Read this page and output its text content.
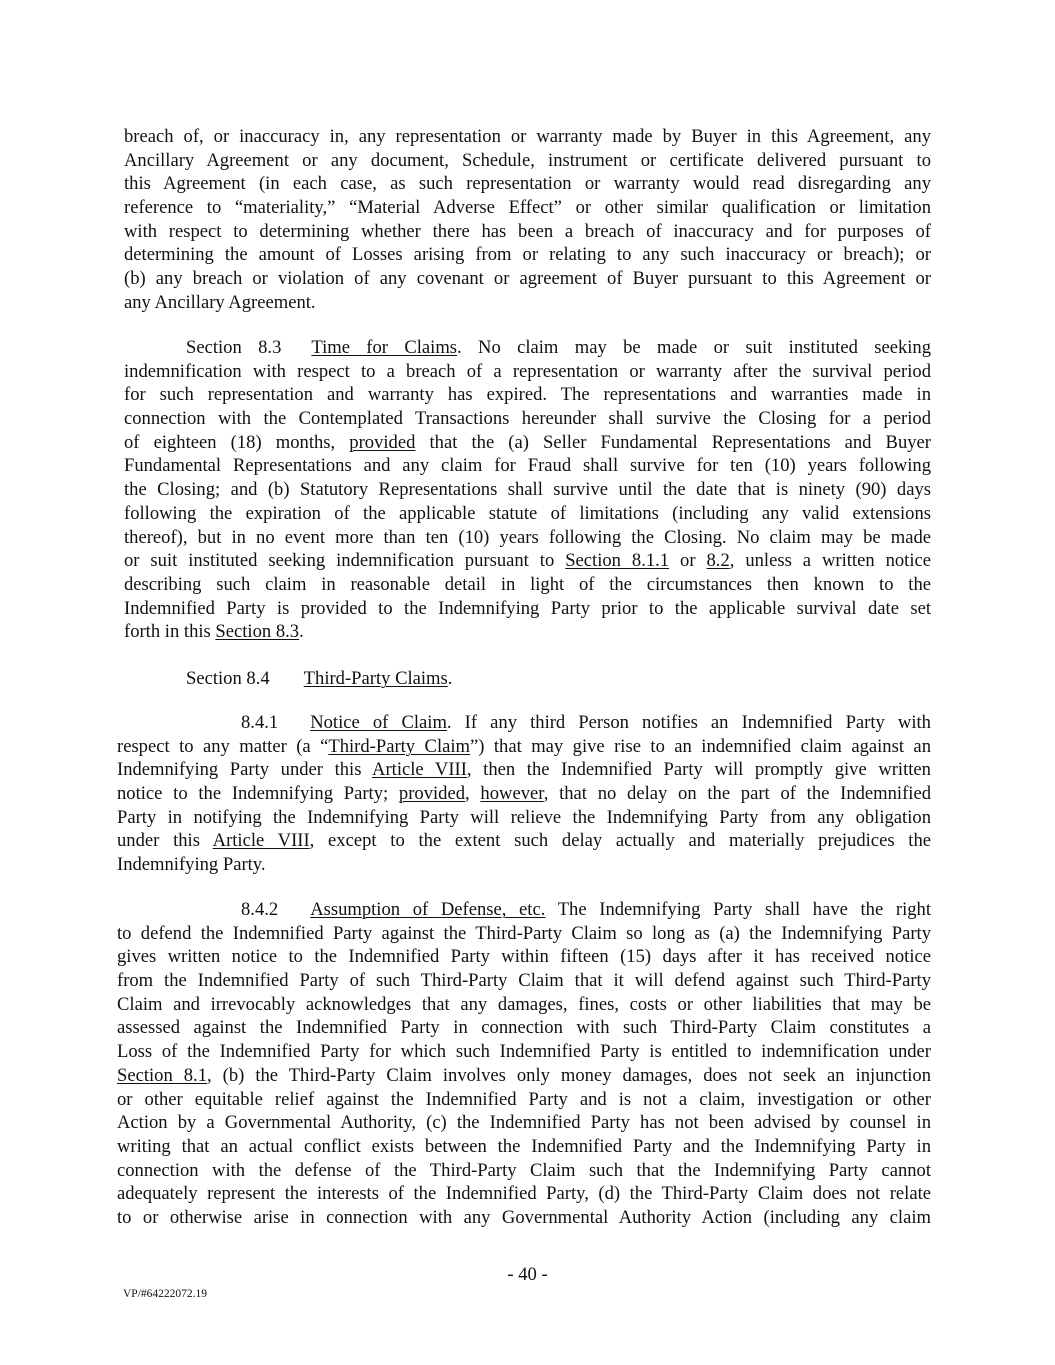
breach of, or inaccuracy in, any representation or warranty made by Buyer in this Agreement, any
Ancillary Agreement or any document, Schedule, instrument or certificate delivered pursuant to
this Agreement (in each case, as such representation or warranty would read disregarding any
reference to “materiality,” “Material Adverse Effect” or other similar qualification or limitation
with respect to determining whether there has been a breach of inaccuracy and for purposes of
determining the amount of Losses arising from or relating to any such inaccuracy or breach); or
(b) any breach or violation of any covenant or agreement of Buyer pursuant to this Agreement or
any Ancillary Agreement.
Section 8.3 Time for Claims. No claim may be made or suit instituted seeking
indemnification with respect to a breach of a representation or warranty after the survival period
for such representation and warranty has expired. The representations and warranties made in
connection with the Contemplated Transactions hereunder shall survive the Closing for a period
of eighteen (18) months, provided that the (a) Seller Fundamental Representations and Buyer
Fundamental Representations and any claim for Fraud shall survive for ten (10) years following
the Closing; and (b) Statutory Representations shall survive until the date that is ninety (90) days
following the expiration of the applicable statute of limitations (including any valid extensions
thereof), but in no event more than ten (10) years following the Closing. No claim may be made
or suit instituted seeking indemnification pursuant to Section 8.1.1 or 8.2, unless a written notice
describing such claim in reasonable detail in light of the circumstances then known to the
Indemnified Party is provided to the Indemnifying Party prior to the applicable survival date set
forth in this Section 8.3.
Section 8.4 Third-Party Claims.
8.4.1 Notice of Claim. If any third Person notifies an Indemnified Party with
respect to any matter (a “Third-Party Claim”) that may give rise to an indemnified claim against an
Indemnifying Party under this Article VIII, then the Indemnified Party will promptly give written
notice to the Indemnifying Party; provided, however, that no delay on the part of the Indemnified
Party in notifying the Indemnifying Party will relieve the Indemnifying Party from any obligation
under this Article VIII, except to the extent such delay actually and materially prejudices the
Indemnifying Party.
8.4.2 Assumption of Defense, etc. The Indemnifying Party shall have the right
to defend the Indemnified Party against the Third-Party Claim so long as (a) the Indemnifying Party
gives written notice to the Indemnified Party within fifteen (15) days after it has received notice
from the Indemnified Party of such Third-Party Claim that it will defend against such Third-Party
Claim and irrevocably acknowledges that any damages, fines, costs or other liabilities that may be
assessed against the Indemnified Party in connection with such Third-Party Claim constitutes a
Loss of the Indemnified Party for which such Indemnified Party is entitled to indemnification under
Section 8.1, (b) the Third-Party Claim involves only money damages, does not seek an injunction
or other equitable relief against the Indemnified Party and is not a claim, investigation or other
Action by a Governmental Authority, (c) the Indemnified Party has not been advised by counsel in
writing that an actual conflict exists between the Indemnified Party and the Indemnifying Party in
connection with the defense of the Third-Party Claim such that the Indemnifying Party cannot
adequately represent the interests of the Indemnified Party, (d) the Third-Party Claim does not relate
to or otherwise arise in connection with any Governmental Authority Action (including any claim
- 40 -
VP/#64222072.19
